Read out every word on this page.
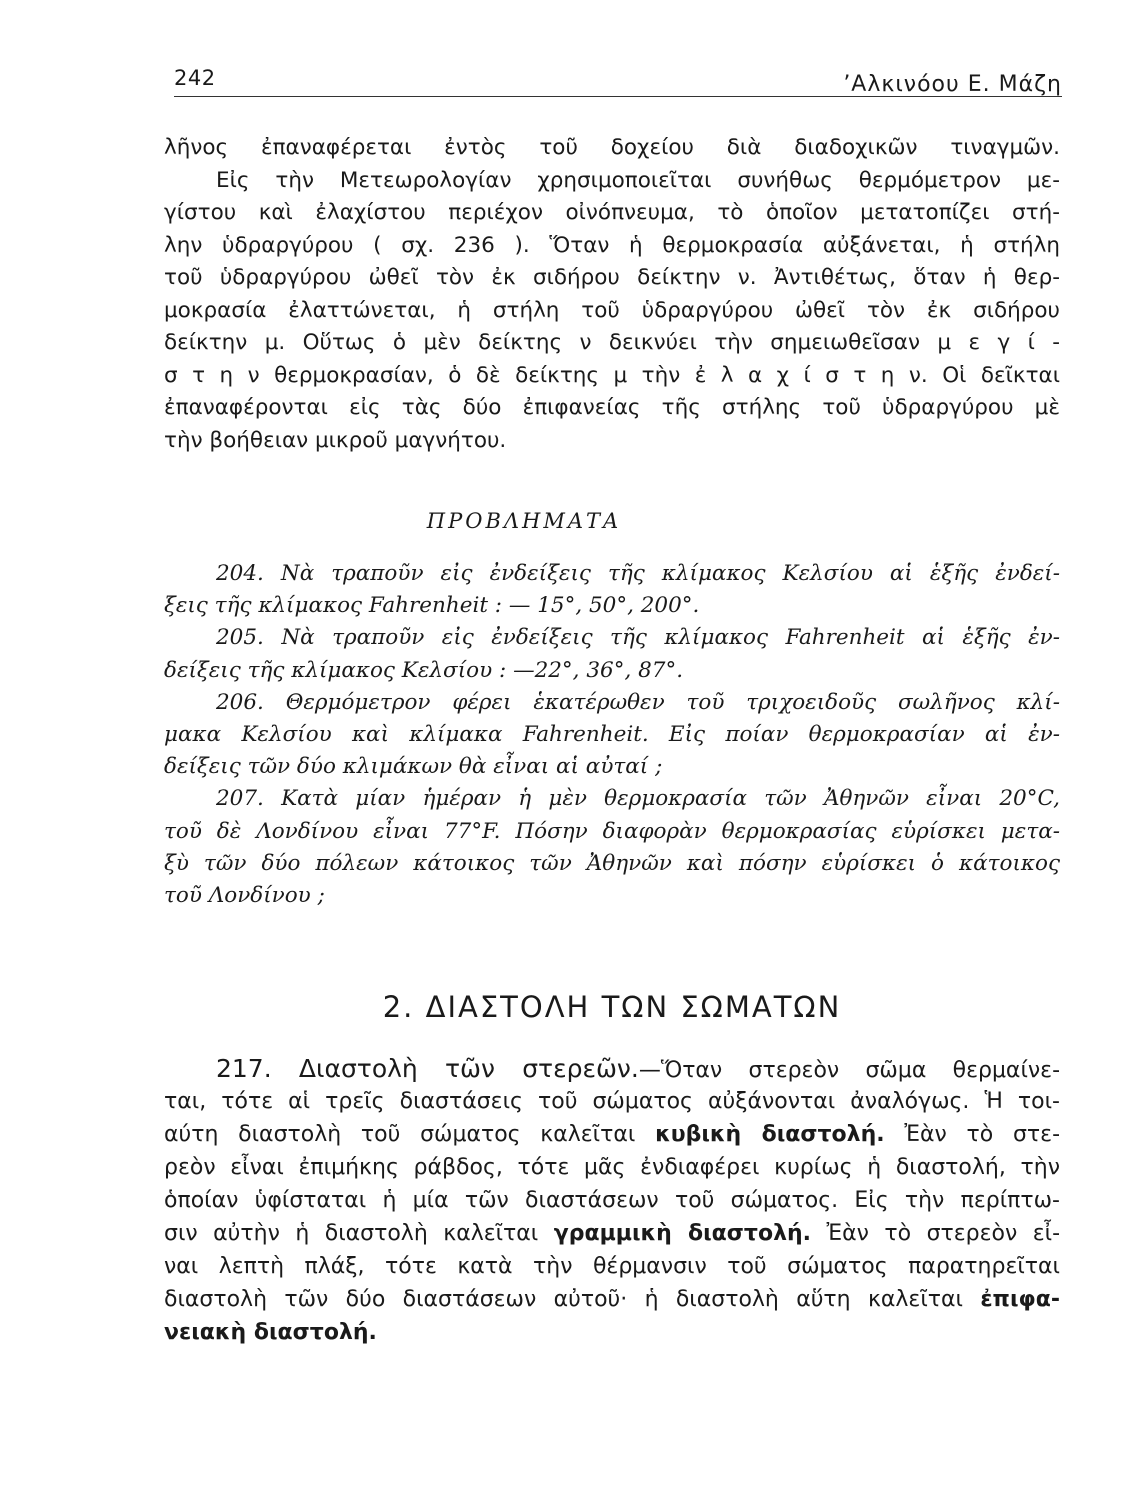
242	’Αλκινόου Ε. Μάζη
λῆνος ἐπαναφέρεται ἐντὸς τοῦ δοχείου διὰ διαδοχικῶν τιναγμῶν.
Εἰς τὴν Μετεωρολογίαν χρησιμοποιεῖται συνήθως θερμόμετρον με-
γίστου καὶ ἐλαχίστου περιέχον οἰνόπνευμα, τὸ ὁποῖον μετατοπίζει στή-
λην ὑδραργύρου ( σχ. 236 ). Ὅταν ἡ θερμοκρασία αὐξάνεται, ἡ στήλη
τοῦ ὑδραργύρου ὠθεῖ τὸν ἐκ σιδήρου δείκτην ν. Ἀντιθέτως, ὅταν ἡ θερ-
μοκρασία ἐλαττώνεται, ἡ στήλη τοῦ ὑδραργύρου ὠθεῖ τὸν ἐκ σιδήρου
δείκτην μ. Οὕτως ὁ μὲν δείκτης ν δεικνύει τὴν σημειωθεῖσαν μ ε γ ί -
σ τ η ν θερμοκρασίαν, ὁ δὲ δείκτης μ τὴν ἐ λ α χ ί σ τ η ν. Οἱ δεῖκται
ἐπαναφέρονται εἰς τὰς δύο ἐπιφανείας τῆς στήλης τοῦ ὑδραργύρου μὲ
τὴν βοήθειαν μικροῦ μαγνήτου.
ΠΡΟΒΛΗΜΑΤΑ
204. Νὰ τραποῦν εἰς ἐνδείξεις τῆς κλίμακος Κελσίου αἱ ἑξῆς ἐνδεί-
ξεις τῆς κλίμακος Fahrenheit : — 15°, 50°, 200°.
205. Νὰ τραποῦν εἰς ἐνδείξεις τῆς κλίμακος Fahrenheit αἱ ἑξῆς ἐν-
δείξεις τῆς κλίμακος Κελσίου : —22°, 36°, 87°.
206. Θερμόμετρον φέρει ἑκατέρωθεν τοῦ τριχοειδοῦς σωλῆνος κλί-
μακα Κελσίου καὶ κλίμακα Fahrenheit. Εἰς ποίαν θερμοκρασίαν αἱ ἐν-
δείξεις τῶν δύο κλιμάκων θὰ εἶναι αἱ αὐταί ;
207. Κατὰ μίαν ἡμέραν ἡ μὲν θερμοκρασία τῶν Ἀθηνῶν εἶναι 20°C,
τοῦ δὲ Λονδίνου εἶναι 77°F. Πόσην διαφορὰν θερμοκρασίας εὑρίσκει μετα-
ξὺ τῶν δύο πόλεων κάτοικος τῶν Ἀθηνῶν καὶ πόσην εὑρίσκει ὁ κάτοικος
τοῦ Λονδίνου ;
2. ΔΙΑΣΤΟΛΗ ΤΩΝ ΣΩΜΑΤΩΝ
217. Διαστολὴ τῶν στερεῶν.—Ὅταν στερεὸν σῶμα θερμαίνε-
ται, τότε αἱ τρεῖς διαστάσεις τοῦ σώματος αὐξάνονται ἀναλόγως. Ἡ τοι-
αύτη διαστολὴ τοῦ σώματος καλεῖται κυβικὴ διαστολή. Ἐὰν τὸ στε-
ρεὸν εἶναι ἐπιμήκης ράβδος, τότε μᾶς ἐνδιαφέρει κυρίως ἡ διαστολή, τὴν
ὁποίαν ὑφίσταται ἡ μία τῶν διαστάσεων τοῦ σώματος. Εἰς τὴν περίπτω-
σιν αὐτὴν ἡ διαστολὴ καλεῖται γραμμικὴ διαστολή. Ἐὰν τὸ στερεὸν εἶ-
ναι λεπτὴ πλάξ, τότε κατὰ τὴν θέρμανσιν τοῦ σώματος παρατηρεῖται
διαστολὴ τῶν δύο διαστάσεων αὐτοῦ· ἡ διαστολὴ αὕτη καλεῖται ἐπιφα-
νειακὴ διαστολή.
